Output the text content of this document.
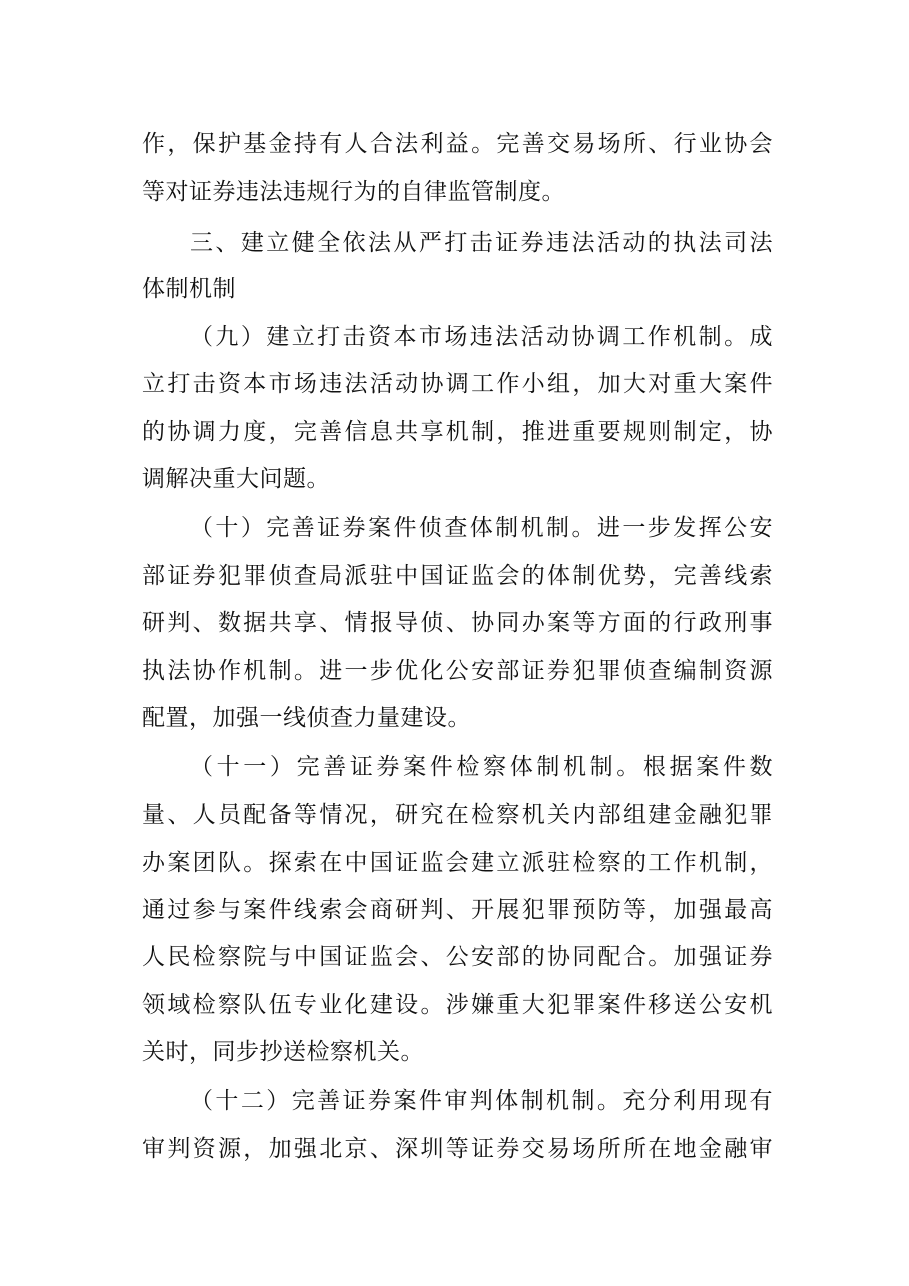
作，保护基金持有人合法利益。完善交易场所、行业协会
等对证券违法违规行为的自律监管制度。
三、建立健全依法从严打击证券违法活动的执法司法
体制机制
（九）建立打击资本市场违法活动协调工作机制。成
立打击资本市场违法活动协调工作小组，加大对重大案件
的协调力度，完善信息共享机制，推进重要规则制定，协
调解决重大问题。
（十）完善证券案件侦查体制机制。进一步发挥公安
部证券犯罪侦查局派驻中国证监会的体制优势，完善线索
研判、数据共享、情报导侦、协同办案等方面的行政刑事
执法协作机制。进一步优化公安部证券犯罪侦查编制资源
配置，加强一线侦查力量建设。
（十一）完善证券案件检察体制机制。根据案件数
量、人员配备等情况，研究在检察机关内部组建金融犯罪
办案团队。探索在中国证监会建立派驻检察的工作机制，
通过参与案件线索会商研判、开展犯罪预防等，加强最高
人民检察院与中国证监会、公安部的协同配合。加强证券
领域检察队伍专业化建设。涉嫌重大犯罪案件移送公安机
关时，同步抄送检察机关。
（十二）完善证券案件审判体制机制。充分利用现有
审判资源，加强北京、深圳等证券交易场所所在地金融审
